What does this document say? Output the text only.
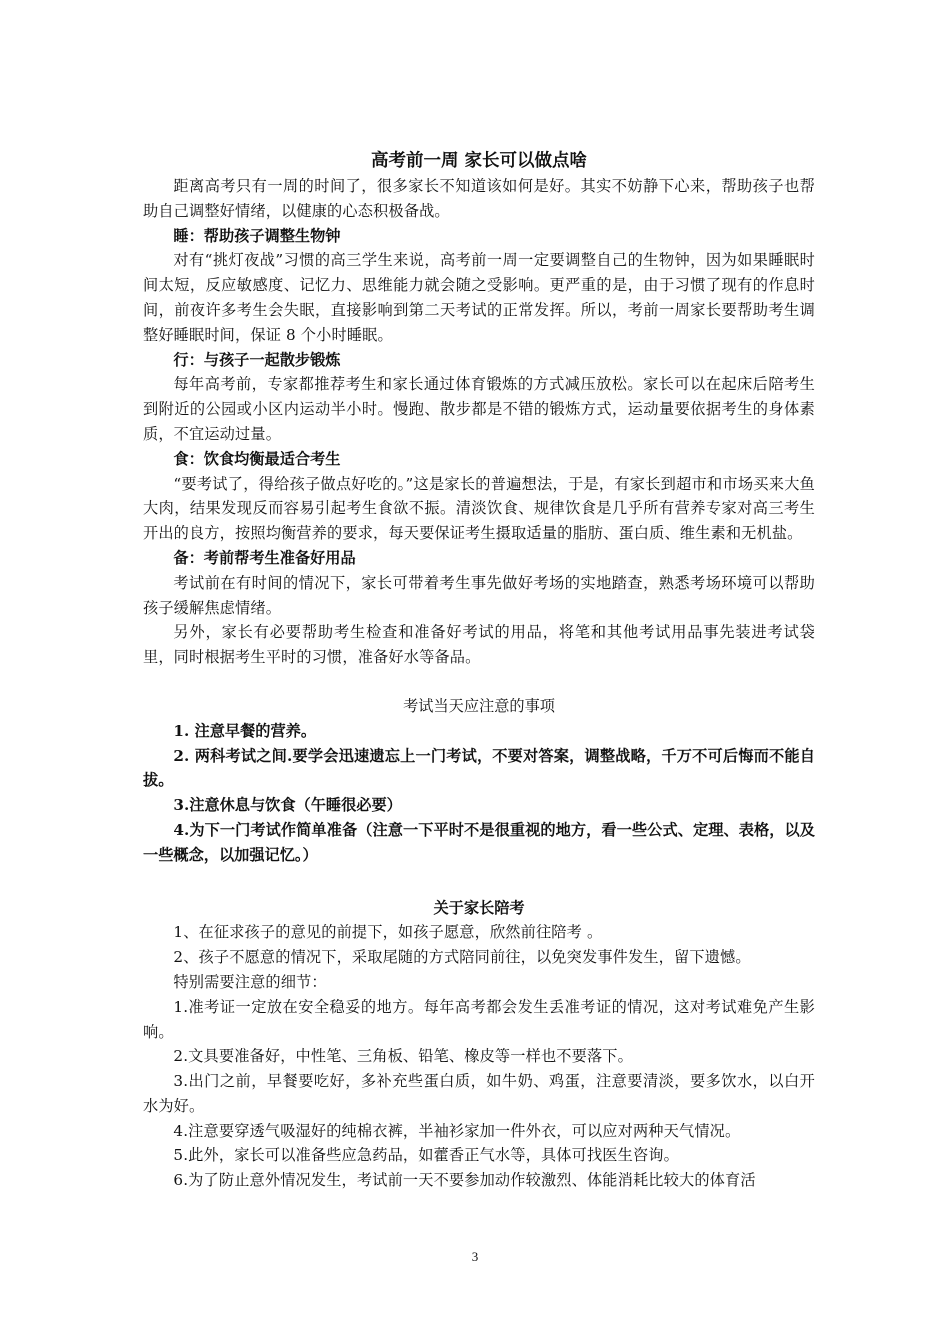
高考前一周 家长可以做点啥

距离高考只有一周的时间了，很多家长不知道该如何是好。其实不妨静下心来，帮助孩子也帮助自己调整好情绪，以健康的心态积极备战。

睡：帮助孩子调整生物钟

对有“挑灯夜战”习惯的高三学生来说，高考前一周一定要调整自己的生物钟，因为如果睡眠时间太短，反应敏感度、记忆力、思维能力就会随之受影响。更严重的是，由于习惯了现有的作息时间，前夜许多考生会失眠，直接影响到第二天考试的正常发挥。所以，考前一周家长要帮助考生调整好睡眠时间，保证 8 个小时睡眠。

行：与孩子一起散步锻炼

每年高考前，专家都推荐考生和家长通过体育锻炼的方式减压放松。家长可以在起床后陪考生到附近的公园或小区内运动半小时。慢跑、散步都是不错的锻炼方式，运动量要依据考生的身体素质，不宜运动过量。

食：饮食均衡最适合考生

“要考试了，得给孩子做点好吃的。”这是家长的普遍想法，于是，有家长到超市和市场买来大鱼大肉，结果发现反而容易引起考生食欲不振。清淡饮食、规律饮食是几乎所有营养专家对高三考生开出的良方，按照均衡营养的要求，每天要保证考生摄取适量的脂肪、蛋白质、维生素和无机盐。

备：考前帮考生准备好用品

考试前在有时间的情况下，家长可带着考生事先做好考场的实地踏查，熟悉考场环境可以帮助孩子缓解焦虑情绪。

另外，家长有必要帮助考生检查和准备好考试的用品，将笔和其他考试用品事先装进考试袋里，同时根据考生平时的习惯，准备好水等备品。

考试当天应注意的事项

1. 注意早餐的营养。

2. 两科考试之间.要学会迅速遗忘上一门考试，不要对答案，调整战略，千万不可后悔而不能自拔。

3.注意休息与饮食（午睡很必要）

4.为下一门考试作简单准备（注意一下平时不是很重视的地方，看一些公式、定理、表格，以及一些概念，以加强记忆。）

关于家长陪考

1、在征求孩子的意见的前提下，如孩子愿意，欣然前往陪考 。

2、孩子不愿意的情况下，采取尾随的方式陪同前往，以免突发事件发生，留下遗憾。

特别需要注意的细节：

1.准考证一定放在安全稳妥的地方。每年高考都会发生丢准考证的情况，这对考试难免产生影响。

2.文具要准备好，中性笔、三角板、铅笔、橡皮等一样也不要落下。

3.出门之前，早餐要吃好，多补充些蛋白质，如牛奶、鸡蛋，注意要清淡，要多饮水，以白开水为好。

4.注意要穿透气吸湿好的纯棉衣裤，半袖衫家加一件外衣，可以应对两种天气情况。

5.此外，家长可以准备些应急药品，如藿香正气水等，具体可找医生咨询。

6.为了防止意外情况发生，考试前一天不要参加动作较激烈、体能消耗比较大的体育活

3
